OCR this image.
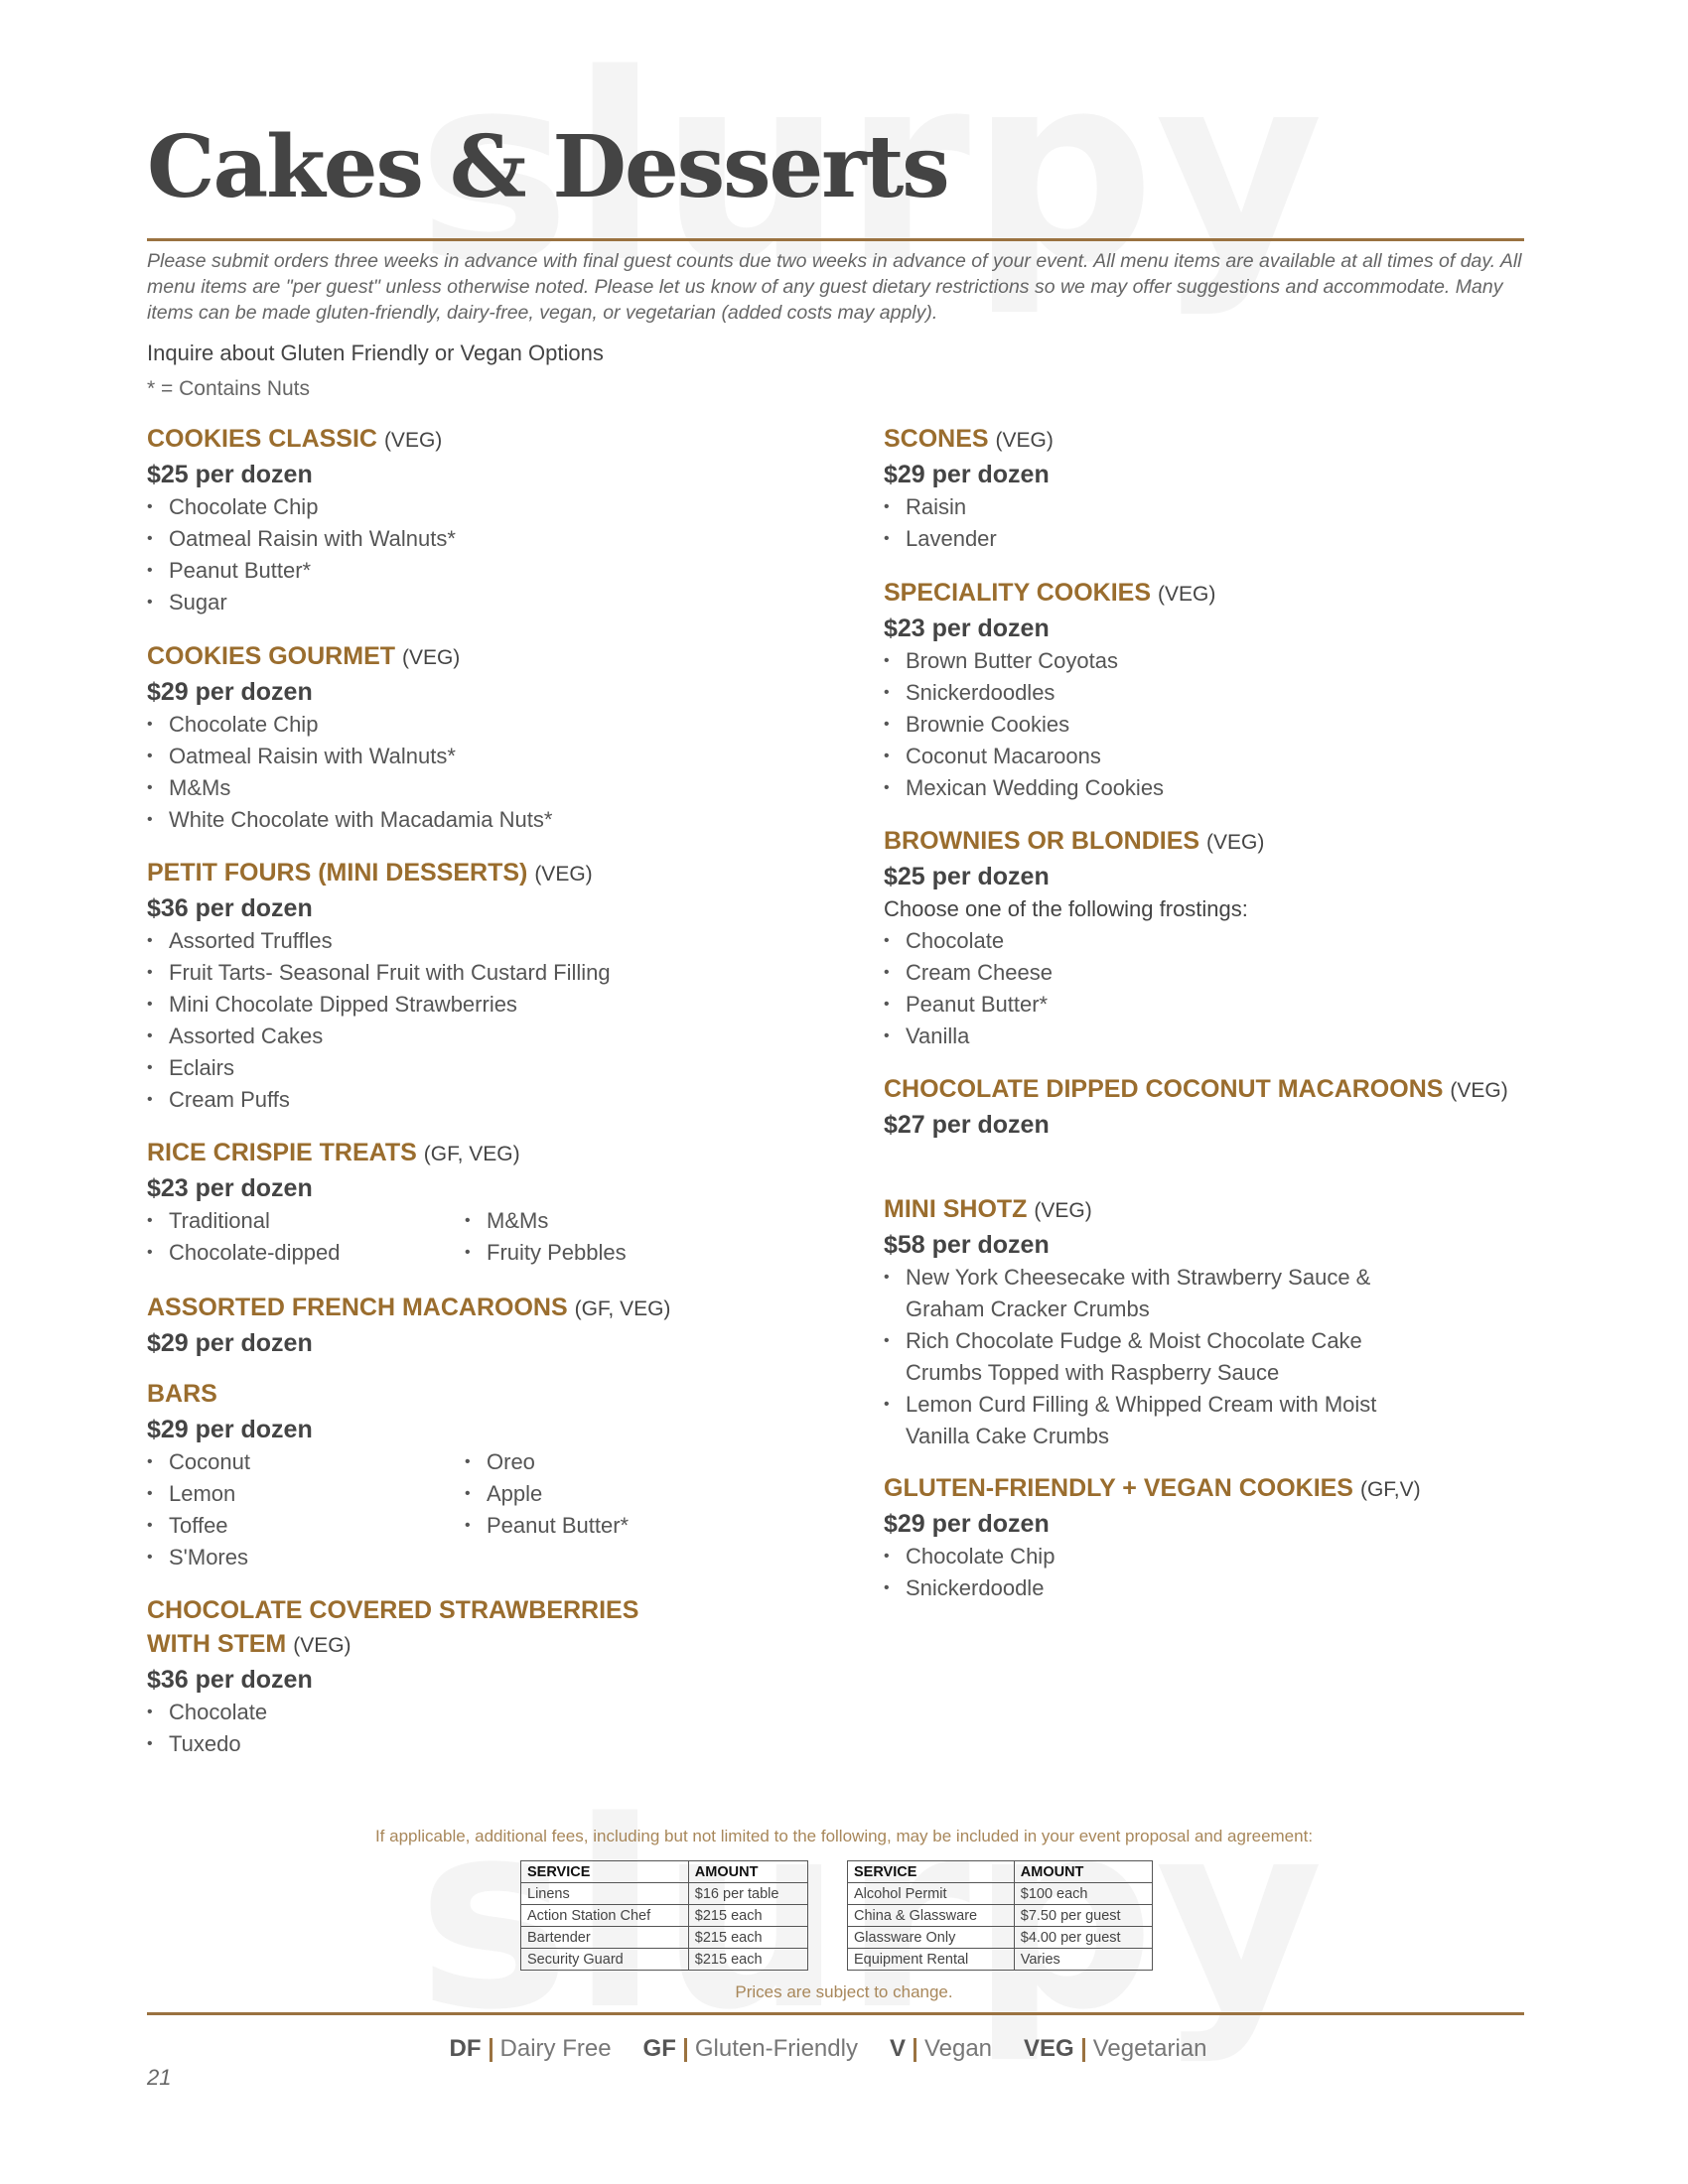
Cakes & Desserts

Please submit orders three weeks in advance with final guest counts due two weeks in advance of your event. All menu items are available at all times of day. All menu items are "per guest" unless otherwise noted. Please let us know of any guest dietary restrictions so we may offer suggestions and accommodate. Many items can be made gluten-friendly, dairy-free, vegan, or vegetarian (added costs may apply).

Inquire about Gluten Friendly or Vegan Options
* = Contains Nuts
COOKIES CLASSIC (VEG)
$25 per dozen
• Chocolate Chip
• Oatmeal Raisin with Walnuts*
• Peanut Butter*
• Sugar
COOKIES GOURMET (VEG)
$29 per dozen
• Chocolate Chip
• Oatmeal Raisin with Walnuts*
• M&Ms
• White Chocolate with Macadamia Nuts*
PETIT FOURS (MINI DESSERTS) (VEG)
$36 per dozen
• Assorted Truffles
• Fruit Tarts- Seasonal Fruit with Custard Filling
• Mini Chocolate Dipped Strawberries
• Assorted Cakes
• Eclairs
• Cream Puffs
RICE CRISPIE TREATS (GF, VEG)
$23 per dozen
• Traditional
• Chocolate-dipped
• M&Ms
• Fruity Pebbles
ASSORTED FRENCH MACAROONS (GF, VEG)
$29 per dozen
BARS
$29 per dozen
• Coconut
• Lemon
• Toffee
• S'Mores
• Oreo
• Apple
• Peanut Butter*
CHOCOLATE COVERED STRAWBERRIES WITH STEM (VEG)
$36 per dozen
• Chocolate
• Tuxedo
SCONES (VEG)
$29 per dozen
• Raisin
• Lavender
SPECIALITY COOKIES (VEG)
$23 per dozen
• Brown Butter Coyotas
• Snickerdoodles
• Brownie Cookies
• Coconut Macaroons
• Mexican Wedding Cookies
BROWNIES OR BLONDIES (VEG)
$25 per dozen
Choose one of the following frostings:
• Chocolate
• Cream Cheese
• Peanut Butter*
• Vanilla
CHOCOLATE DIPPED COCONUT MACAROONS (VEG)
$27 per dozen
MINI SHOTZ (VEG)
$58 per dozen
• New York Cheesecake with Strawberry Sauce & Graham Cracker Crumbs
• Rich Chocolate Fudge & Moist Chocolate Cake Crumbs Topped with Raspberry Sauce
• Lemon Curd Filling & Whipped Cream with Moist Vanilla Cake Crumbs
GLUTEN-FRIENDLY + VEGAN COOKIES (GF,V)
$29 per dozen
• Chocolate Chip
• Snickerdoodle
If applicable, additional fees, including but not limited to the following, may be included in your event proposal and agreement:
SERVICE	AMOUNT
Linens	$16 per table
Action Station Chef	$215 each
Bartender	$215 each
Security Guard	$215 each
SERVICE	AMOUNT
Alcohol Permit	$100 each
China & Glassware	$7.50 per guest
Glassware Only	$4.00 per guest
Equipment Rental	Varies
Prices are subject to change.
DF Dairy Free GF Gluten-Friendly V Vegan VEG Vegetarian
21
